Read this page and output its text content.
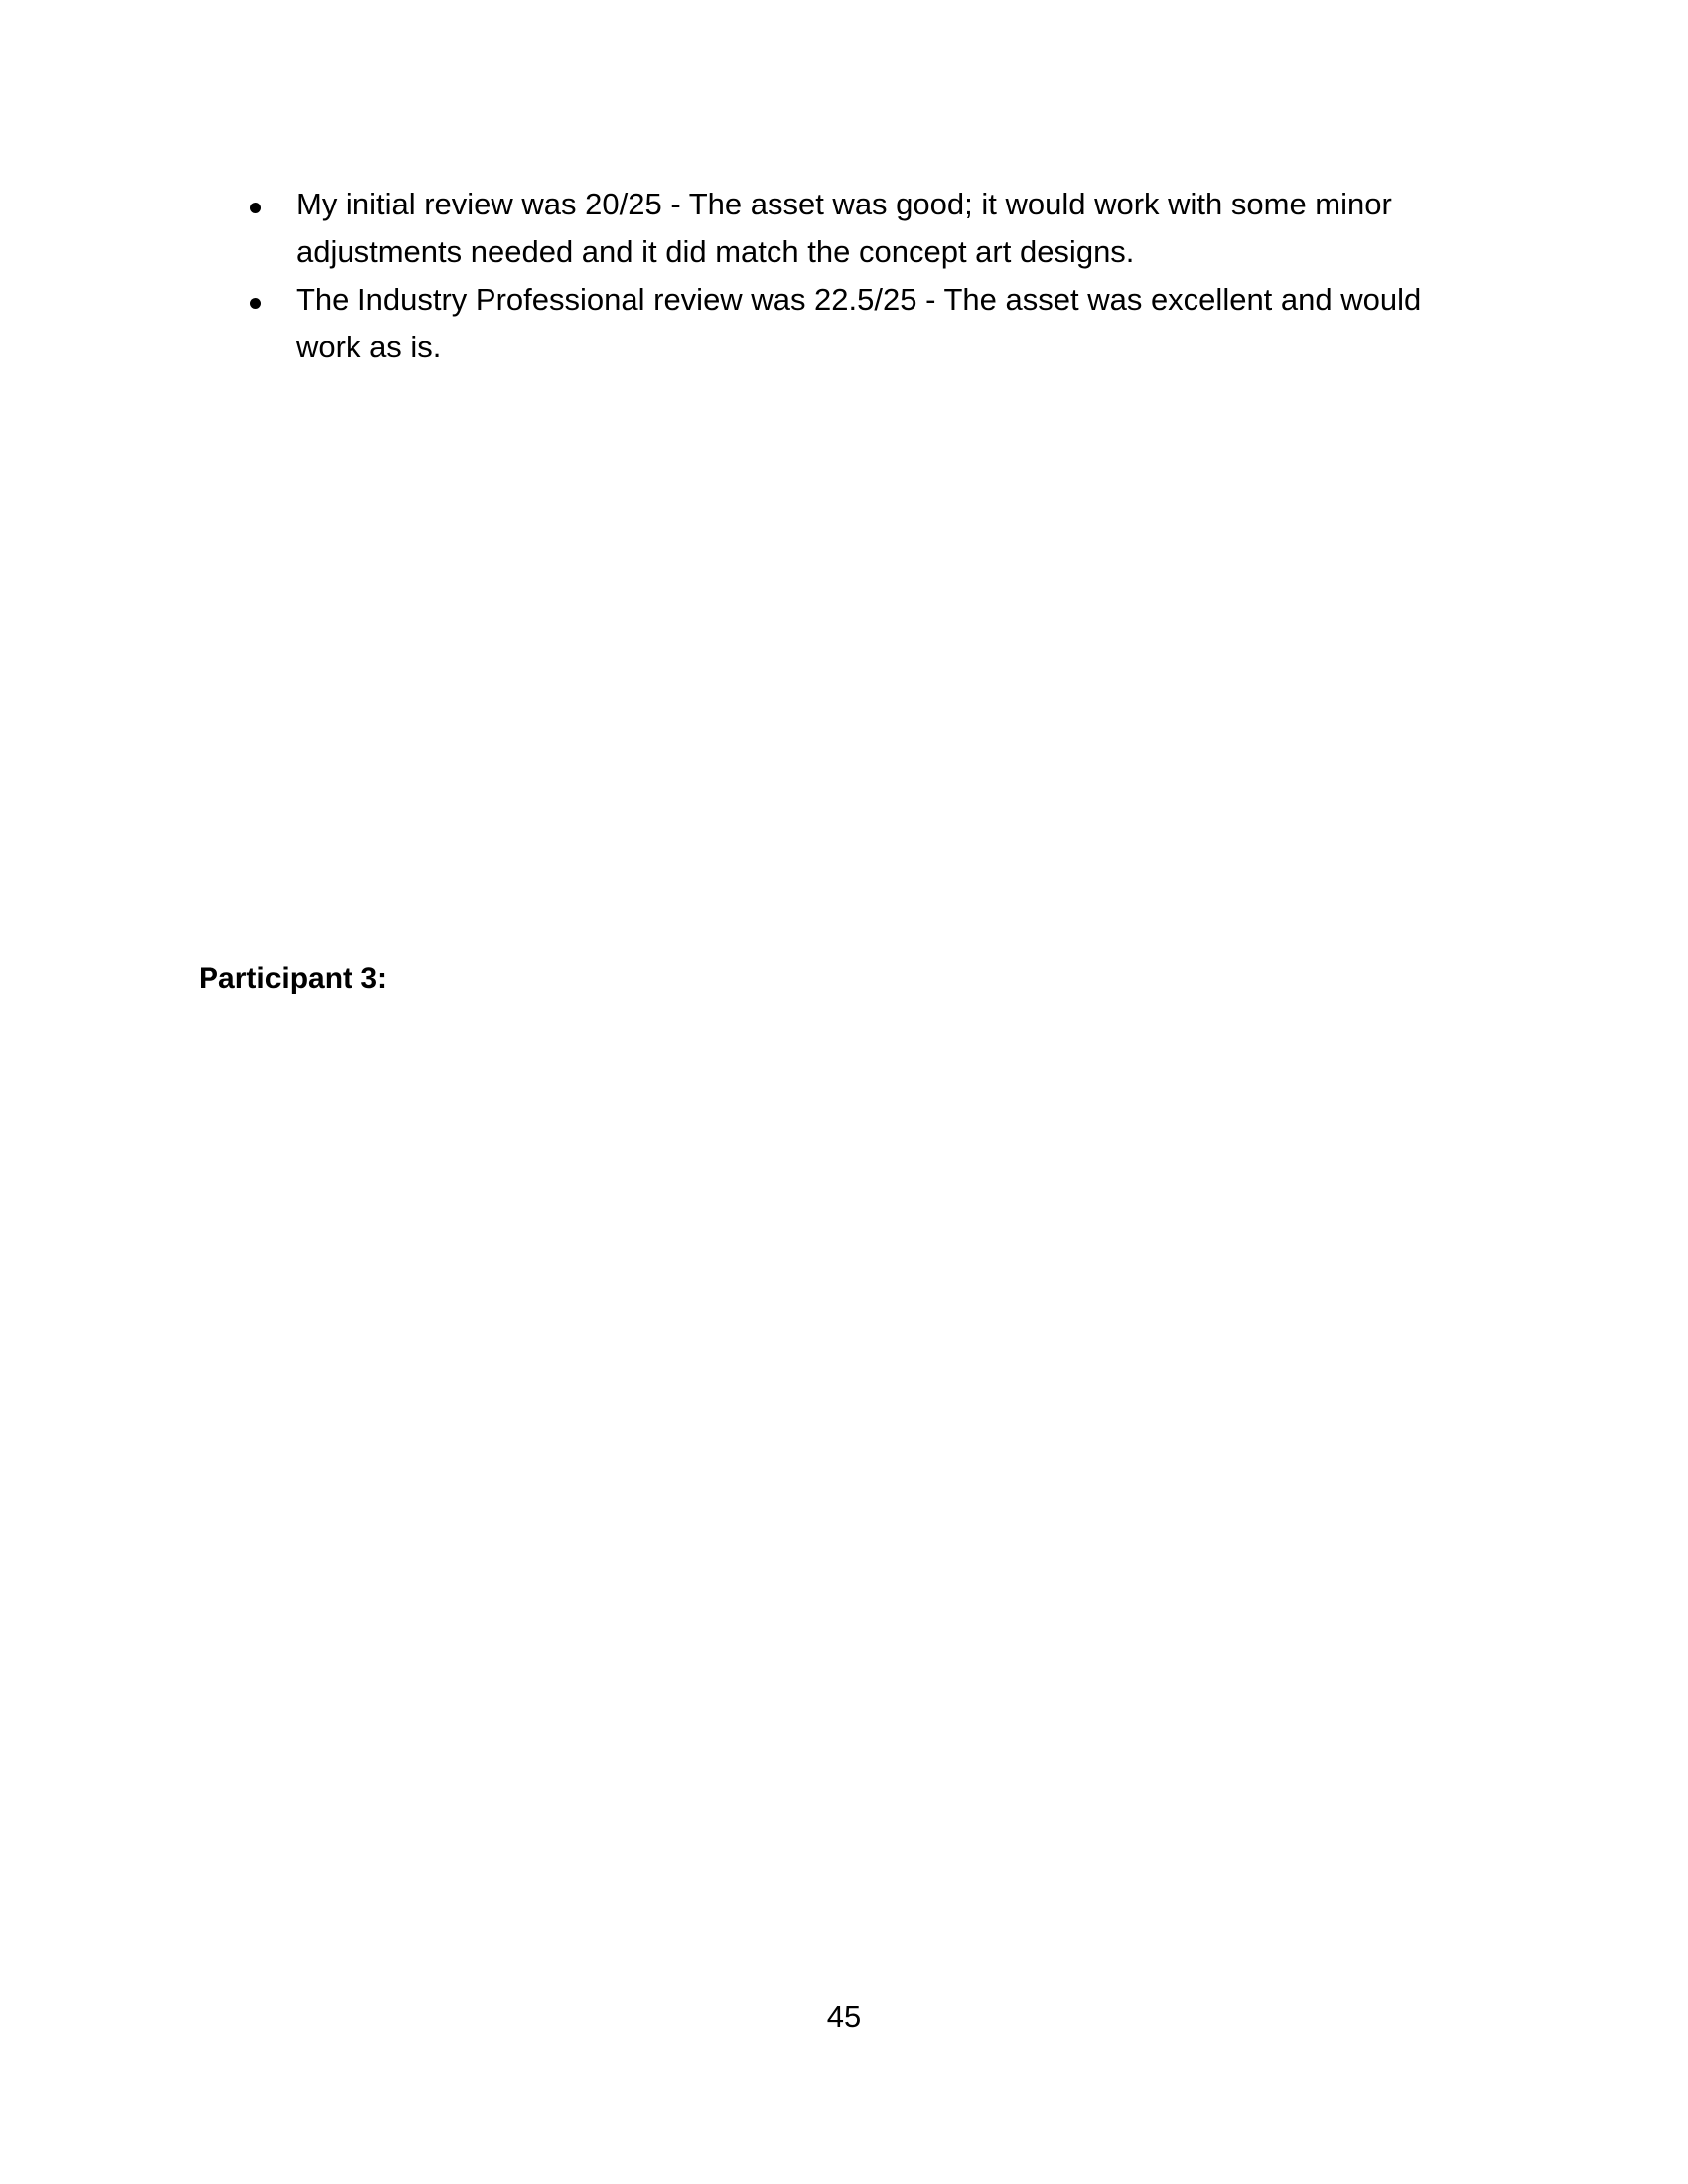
My initial review was 20/25 - The asset was good; it would work with some minor adjustments needed and it did match the concept art designs.
The Industry Professional review was 22.5/25 - The asset was excellent and would work as is.
Participant 3:
45
